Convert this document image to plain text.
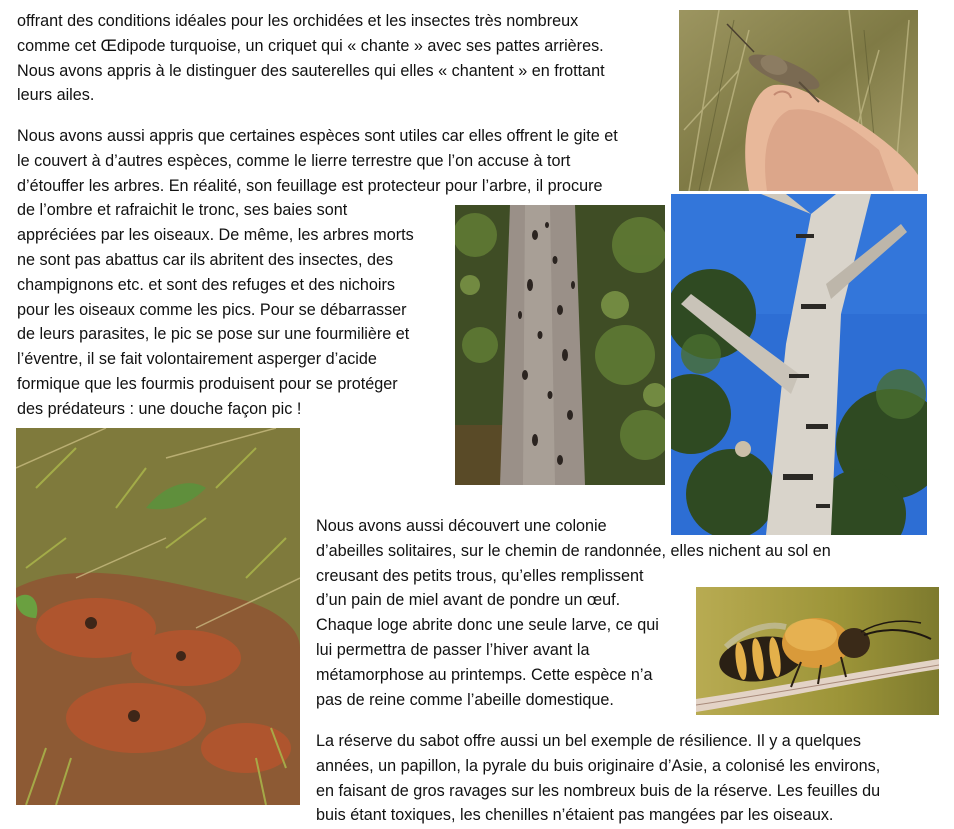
offrant des conditions idéales pour les orchidées et les insectes très nombreux
comme cet Œdipode turquoise, un criquet qui « chante » avec ses pattes arrières.
Nous avons appris à le distinguer des sauterelles qui elles « chantent » en frottant
leurs ailes.
Nous avons aussi appris que certaines espèces sont utiles car elles offrent le gite et
le couvert à d’autres espèces, comme le lierre terrestre que l’on accuse à tort
d’étouffer les arbres. En réalité, son feuillage est protecteur pour l’arbre, il procure
de l’ombre et rafraichit le tronc, ses baies sont
appréciées par les oiseaux. De même, les arbres morts
ne sont pas abattus car ils abritent des insectes, des
champignons etc. et sont des refuges et des nichoirs
pour les oiseaux comme les pics. Pour se débarrasser
de leurs parasites, le pic se pose sur une fourmilière et
l’éventre, il se fait volontairement asperger d’acide
formique que les fourmis produisent pour se protéger
des prédateurs : une douche façon pic !
Nous avons aussi découvert une colonie
d’abeilles solitaires, sur le chemin de randonnée, elles nichent au sol en
creusant des petits trous, qu’elles remplissent
d’un pain de miel avant de pondre un œuf.
Chaque loge abrite donc une seule larve, ce qui
lui permettra de passer l’hiver avant la
métamorphose au printemps. Cette espèce n’a
pas de reine comme l’abeille domestique.
La réserve du sabot offre aussi un bel exemple de résilience. Il y a quelques
années, un papillon, la pyrale du buis originaire d’Asie, a colonisé les environs,
en faisant de gros ravages sur les nombreux buis de la réserve. Les feuilles du
buis étant toxiques, les chenilles n’étaient pas mangées par les oiseaux.
